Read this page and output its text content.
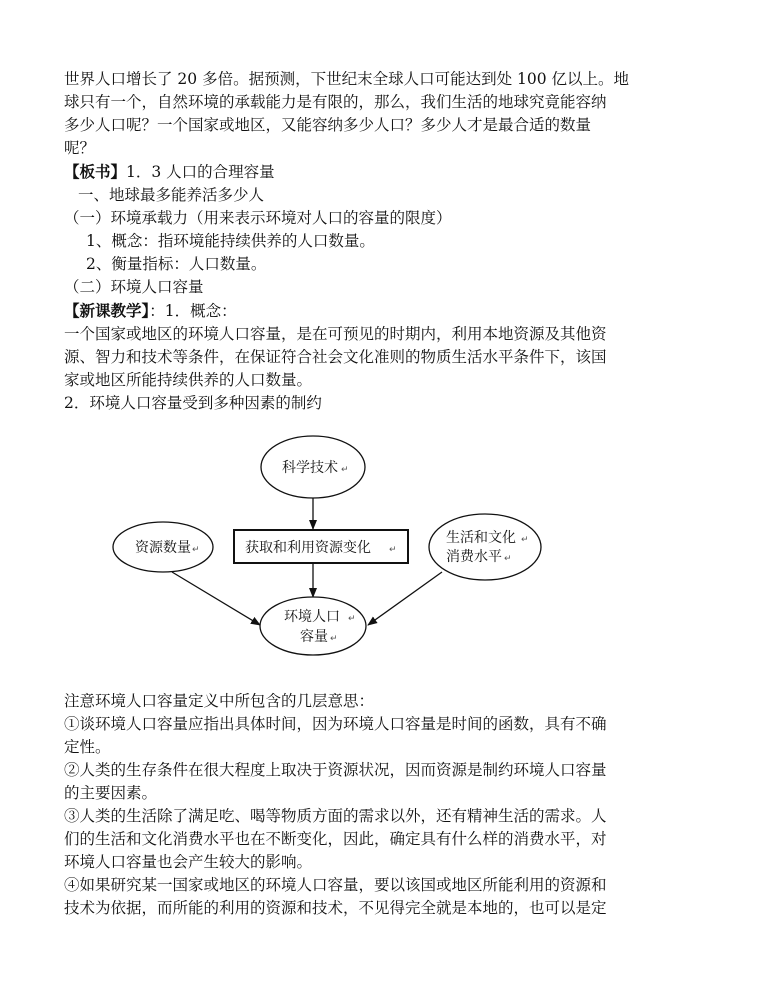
世界人口增长了 20 多倍。据预测，下世纪末全球人口可能达到处 100 亿以上。地
球只有一个，自然环境的承载能力是有限的，那么，我们生活的地球究竟能容纳
多少人口呢？一个国家或地区，又能容纳多少人口？多少人才是最合适的数量
呢？
【板书】1．3 人口的合理容量
一、地球最多能养活多少人
（一）环境承载力（用来表示环境对人口的容量的限度）
1、概念：指环境能持续供养的人口数量。
2、衡量指标：人口数量。
（二）环境人口容量
【新课教学】：1．概念：
一个国家或地区的环境人口容量，是在可预见的时期内，利用本地资源及其他资
源、智力和技术等条件，在保证符合社会文化准则的物质生活水平条件下，该国
家或地区所能持续供养的人口数量。
2．环境人口容量受到多种因素的制约
科学技术 ↵
获取和利用资源变化 ↵
资源数量 ↵
生活和文化 ↵
消费水平 ↵
环境人口 ↵
容量 ↵
注意环境人口容量定义中所包含的几层意思：
①谈环境人口容量应指出具体时间，因为环境人口容量是时间的函数，具有不确
定性。
②人类的生存条件在很大程度上取决于资源状况，因而资源是制约环境人口容量
的主要因素。
③人类的生活除了满足吃、喝等物质方面的需求以外，还有精神生活的需求。人
们的生活和文化消费水平也在不断变化，因此，确定具有什么样的消费水平，对
环境人口容量也会产生较大的影响。
④如果研究某一国家或地区的环境人口容量，要以该国或地区所能利用的资源和
技术为依据，而所能的利用的资源和技术，不见得完全就是本地的，也可以是定
